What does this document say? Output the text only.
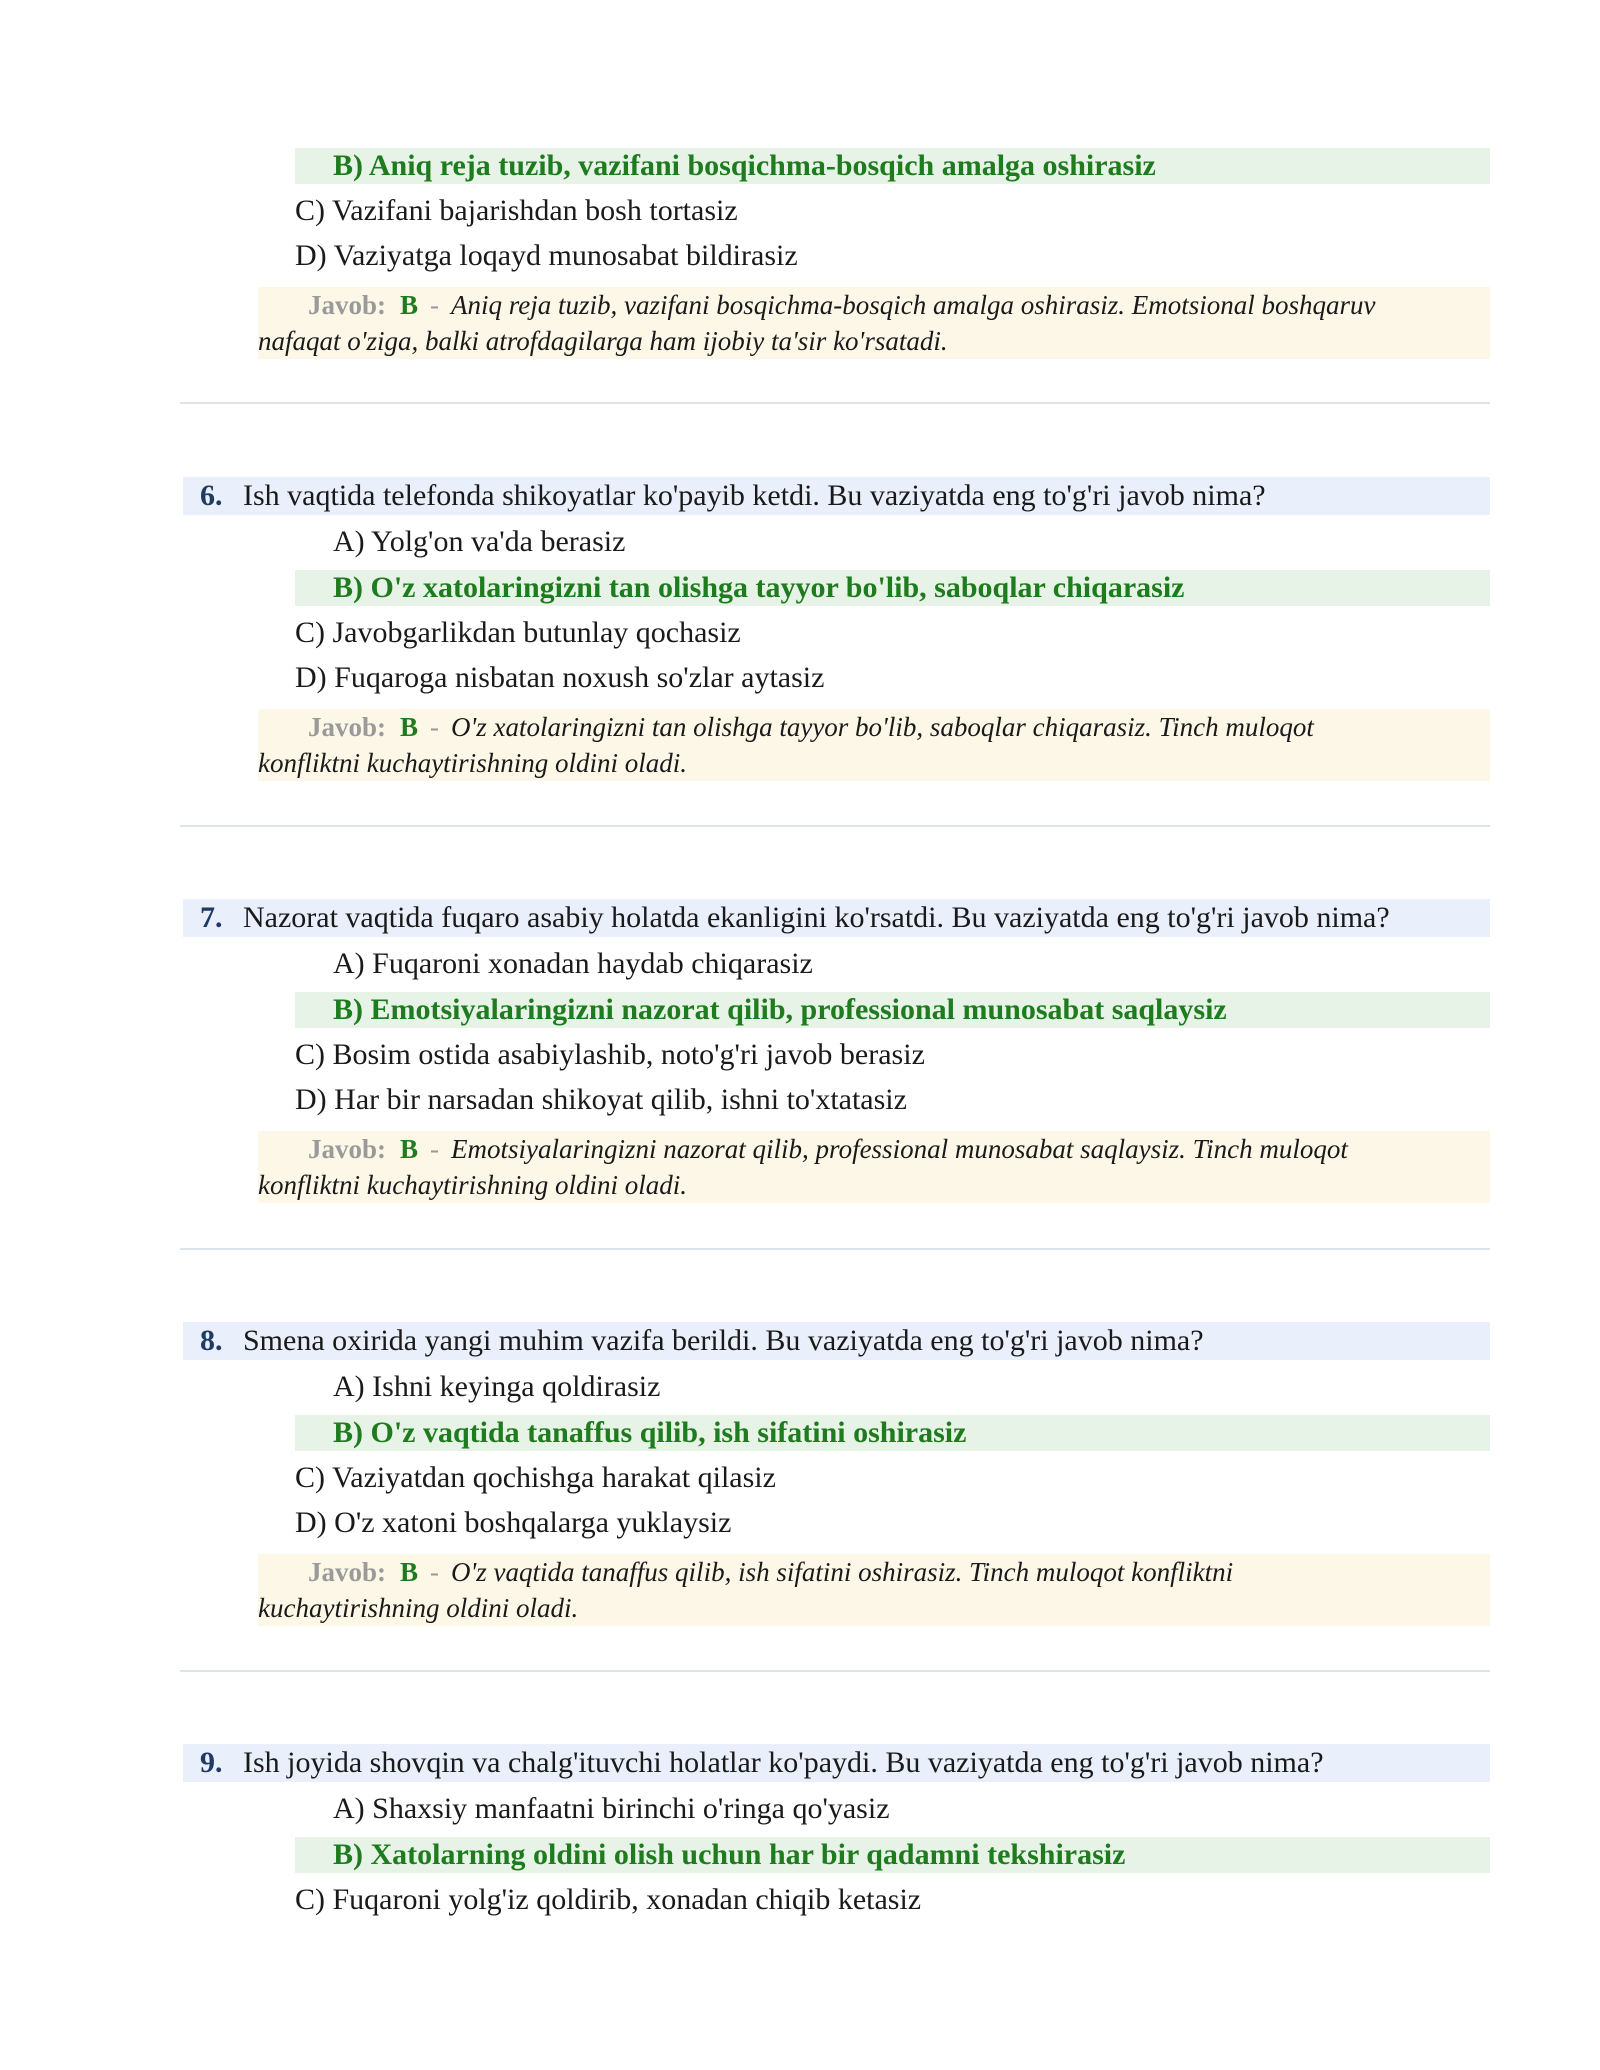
B) Aniq reja tuzib, vazifani bosqichma-bosqich amalga oshirasiz
C) Vazifani bajarishdan bosh tortasiz
D) Vaziyatga loqayd munosabat bildirasiz
Javob: B - Aniq reja tuzib, vazifani bosqichma-bosqich amalga oshirasiz. Emotsional boshqaruv
nafaqat o'ziga, balki atrofdagilarga ham ijobiy ta'sir ko'rsatadi.
6. Ish vaqtida telefonda shikoyatlar ko'payib ketdi. Bu vaziyatda eng to'g'ri javob nima?
A) Yolg'on va'da berasiz
B) O'z xatolaringizni tan olishga tayyor bo'lib, saboqlar chiqarasiz
C) Javobgarlikdan butunlay qochasiz
D) Fuqaroga nisbatan noxush so'zlar aytasiz
Javob: B - O'z xatolaringizni tan olishga tayyor bo'lib, saboqlar chiqarasiz. Tinch muloqot
konfliktni kuchaytirishning oldini oladi.
7. Nazorat vaqtida fuqaro asabiy holatda ekanligini ko'rsatdi. Bu vaziyatda eng to'g'ri javob nima?
A) Fuqaroni xonadan haydab chiqarasiz
B) Emotsiyalaringizni nazorat qilib, professional munosabat saqlaysiz
C) Bosim ostida asabiylashib, noto'g'ri javob berasiz
D) Har bir narsadan shikoyat qilib, ishni to'xtatasiz
Javob: B - Emotsiyalaringizni nazorat qilib, professional munosabat saqlaysiz. Tinch muloqot
konfliktni kuchaytirishning oldini oladi.
8. Smena oxirida yangi muhim vazifa berildi. Bu vaziyatda eng to'g'ri javob nima?
A) Ishni keyinga qoldirasiz
B) O'z vaqtida tanaffus qilib, ish sifatini oshirasiz
C) Vaziyatdan qochishga harakat qilasiz
D) O'z xatoni boshqalarga yuklaysiz
Javob: B - O'z vaqtida tanaffus qilib, ish sifatini oshirasiz. Tinch muloqot konfliktni
kuchaytirishning oldini oladi.
9. Ish joyida shovqin va chalg'ituvchi holatlar ko'paydi. Bu vaziyatda eng to'g'ri javob nima?
A) Shaxsiy manfaatni birinchi o'ringa qo'yasiz
B) Xatolarning oldini olish uchun har bir qadamni tekshirasiz
C) Fuqaroni yolg'iz qoldirib, xonadan chiqib ketasiz
